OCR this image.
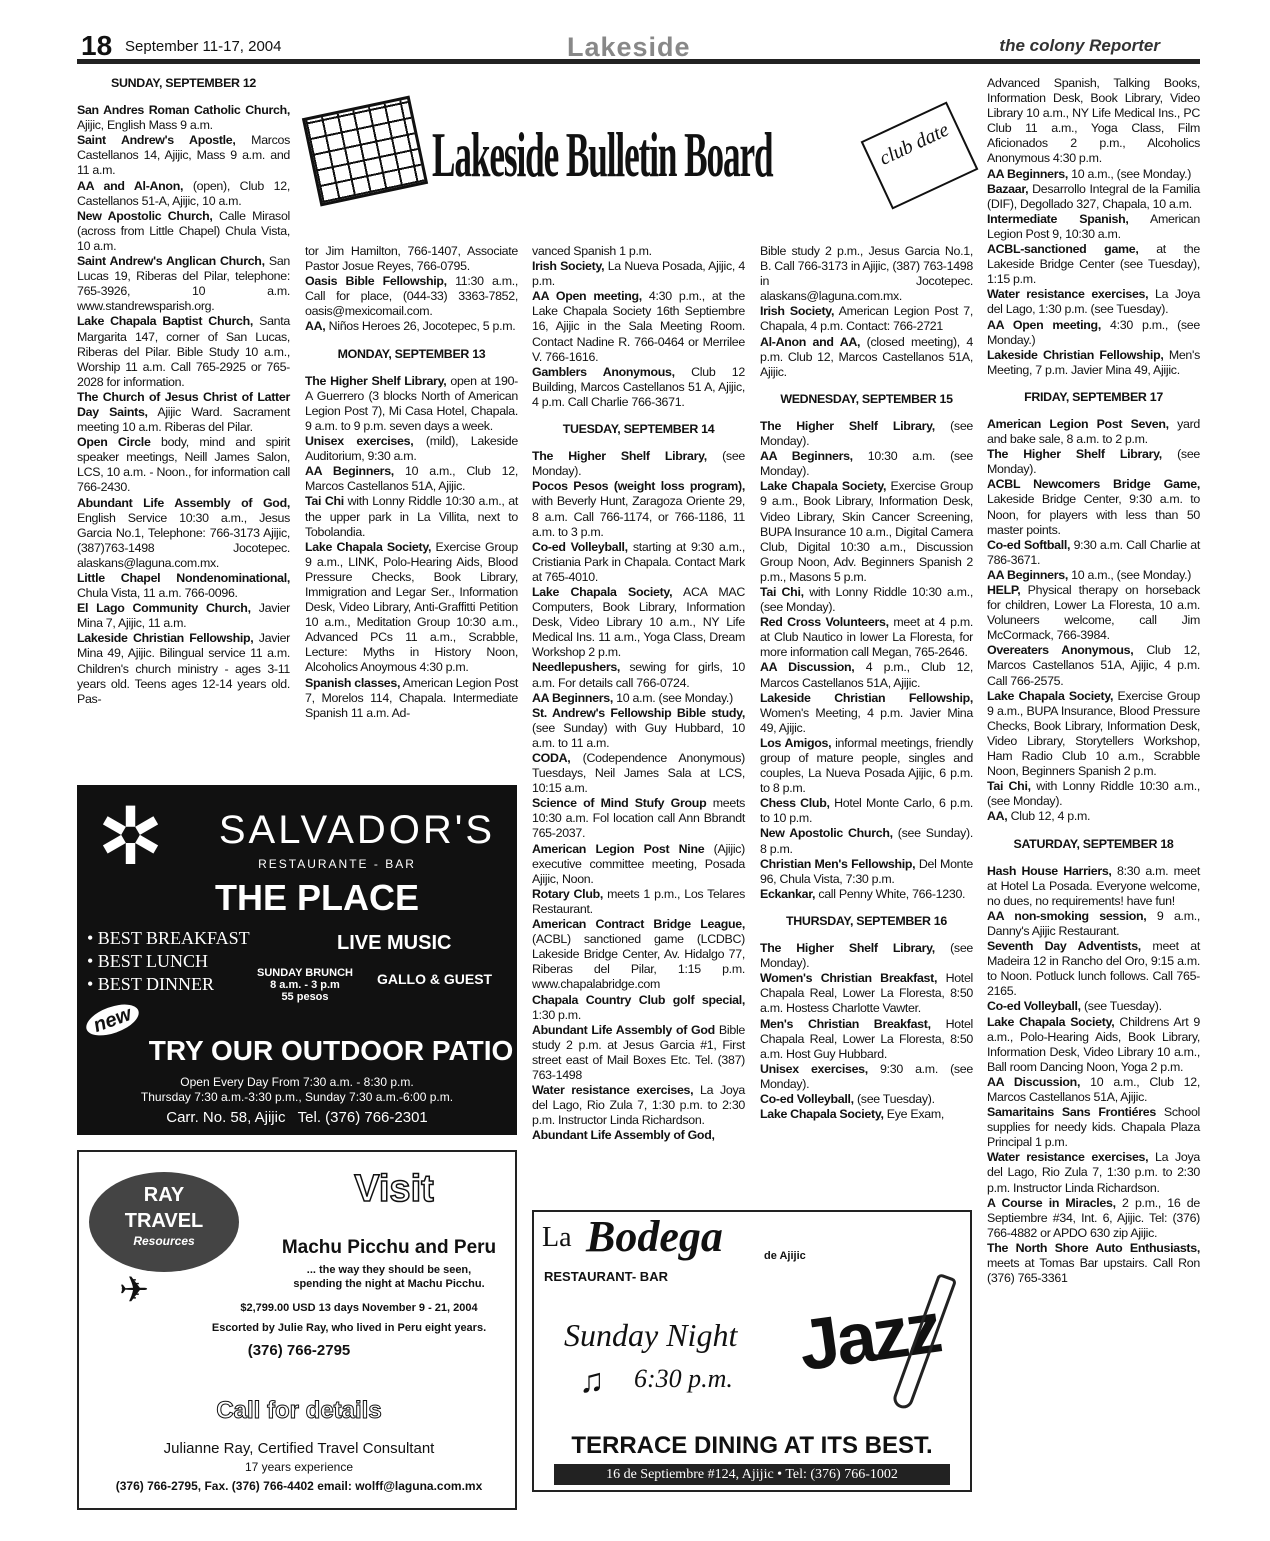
18 September 11-17, 2004	Lakeside	the colony Reporter
Lakeside Bulletin Board	club date
SUNDAY, SEPTEMBER 12

San Andres Roman Catholic Church, Ajijic, English Mass 9 a.m.

Saint Andrew's Apostle, Marcos Castellanos 14, Ajijic, Mass 9 a.m. and 11 a.m.

AA and Al-Anon, (open), Club 12, Castellanos 51-A, Ajijic, 10 a.m.

New Apostolic Church, Calle Mirasol (across from Little Chapel) Chula Vista, 10 a.m.

Saint Andrew's Anglican Church, San Lucas 19, Riberas del Pilar, telephone: 765-3926, 10 a.m. www.standrewsparish.org.

Lake Chapala Baptist Church, Santa Margarita 147, corner of San Lucas, Riberas del Pilar. Bible Study 10 a.m., Worship 11 a.m. Call 765-2925 or 765-2028 for information.

The Church of Jesus Christ of Latter Day Saints, Ajijic Ward. Sacrament meeting 10 a.m. Riberas del Pilar.

Open Circle body, mind and spirit speaker meetings, Neill James Salon, LCS, 10 a.m. - Noon., for information call 766-2430.

Abundant Life Assembly of God, English Service 10:30 a.m., Jesus Garcia No.1, Telephone: 766-3173 Ajijic, (387)763-1498 Jocotepec. alaskans@laguna.com.mx.

Little Chapel Nondenominational, Chula Vista, 11 a.m. 766-0096.

El Lago Community Church, Javier Mina 7, Ajijic, 11 a.m.

Lakeside Christian Fellowship, Javier Mina 49, Ajijic. Bilingual service 11 a.m. Children's church ministry - ages 3-11 years old. Teens ages 12-14 years old. Pas-

tor Jim Hamilton, 766-1407, Associate Pastor Josue Reyes, 766-0795.

Oasis Bible Fellowship, 11:30 a.m., Call for place, (044-33) 3363-7852, oasis@mexicomail.com.

AA, Niños Heroes 26, Jocotepec, 5 p.m.

MONDAY, SEPTEMBER 13

The Higher Shelf Library, open at 190-A Guerrero (3 blocks North of American Legion Post 7), Mi Casa Hotel, Chapala. 9 a.m. to 9 p.m. seven days a week.

Unisex exercises, (mild), Lakeside Auditorium, 9:30 a.m.

AA Beginners, 10 a.m., Club 12, Marcos Castellanos 51A, Ajijic.

Tai Chi with Lonny Riddle 10:30 a.m., at the upper park in La Villita, next to Tobolandia.

Lake Chapala Society, Exercise Group 9 a.m., LINK, Polo-Hearing Aids, Blood Pressure Checks, Book Library, Immigration and Legar Ser., Information Desk, Video Library, Anti-Graffitti Petition 10 a.m., Meditation Group 10:30 a.m., Advanced PCs 11 a.m., Scrabble, Lecture: Myths in History Noon, Alcoholics Anoymous 4:30 p.m.

Spanish classes, American Legion Post 7, Morelos 114, Chapala. Intermediate Spanish 11 a.m. Ad-

vanced Spanish 1 p.m.

Irish Society, La Nueva Posada, Ajijic, 4 p.m.

AA Open meeting, 4:30 p.m., at the Lake Chapala Society 16th Septiembre 16, Ajijic in the Sala Meeting Room. Contact Nadine R. 766-0464 or Merrilee V. 766-1616.

Gamblers Anonymous, Club 12 Building, Marcos Castellanos 51 A, Ajijic, 4 p.m. Call Charlie 766-3671.

TUESDAY, SEPTEMBER 14

The Higher Shelf Library, (see Monday).

Pocos Pesos (weight loss program), with Beverly Hunt, Zaragoza Oriente 29, 8 a.m. Call 766-1174, or 766-1186, 11 a.m. to 3 p.m.

Co-ed Volleyball, starting at 9:30 a.m., Cristiania Park in Chapala. Contact Mark at 765-4010.

Lake Chapala Society, ACA MAC Computers, Book Library, Information Desk, Video Library 10 a.m., NY Life Medical Ins. 11 a.m., Yoga Class, Dream Workshop 2 p.m.

Needlepushers, sewing for girls, 10 a.m. For details call 766-0724.

AA Beginners, 10 a.m. (see Monday.)

St. Andrew's Fellowship Bible study, (see Sunday) with Guy Hubbard, 10 a.m. to 11 a.m.

CODA, (Codependence Anonymous) Tuesdays, Neil James Sala at LCS, 10:15 a.m.

Science of Mind Stufy Group meets 10:30 a.m. Fol location call Ann Bbrandt 765-2037.

American Legion Post Nine (Ajijic) executive committee meeting, Posada Ajijic, Noon.

Rotary Club, meets 1 p.m., Los Telares Restaurant.

American Contract Bridge League, (ACBL) sanctioned game (LCDBC) Lakeside Bridge Center, Av. Hidalgo 77, Riberas del Pilar, 1:15 p.m. www.chapalabridge.com

Chapala Country Club golf special, 1:30 p.m.

Abundant Life Assembly of God Bible study 2 p.m. at Jesus Garcia #1, First street east of Mail Boxes Etc. Tel. (387) 763-1498

Water resistance exercises, La Joya del Lago, Rio Zula 7, 1:30 p.m. to 2:30 p.m. Instructor Linda Richardson.

Abundant Life Assembly of God,

Bible study 2 p.m., Jesus Garcia No.1, B. Call 766-3173 in Ajijic, (387) 763-1498 in Jocotepec. alaskans@laguna.com.mx.

Irish Society, American Legion Post 7, Chapala, 4 p.m. Contact: 766-2721

Al-Anon and AA, (closed meeting), 4 p.m. Club 12, Marcos Castellanos 51A, Ajijic.

WEDNESDAY, SEPTEMBER 15

The Higher Shelf Library, (see Monday).

AA Beginners, 10:30 a.m. (see Monday).

Lake Chapala Society, Exercise Group 9 a.m., Book Library, Information Desk, Video Library, Skin Cancer Screening, BUPA Insurance 10 a.m., Digital Camera Club, Digital 10:30 a.m., Discussion Group Noon, Adv. Beginners Spanish 2 p.m., Masons 5 p.m.

Tai Chi, with Lonny Riddle 10:30 a.m., (see Monday).

Red Cross Volunteers, meet at 4 p.m. at Club Nautico in lower La Floresta, for more information call Megan, 765-2646.

AA Discussion, 4 p.m., Club 12, Marcos Castellanos 51A, Ajijic.

Lakeside Christian Fellowship, Women's Meeting, 4 p.m. Javier Mina 49, Ajijic.

Los Amigos, informal meetings, friendly group of mature people, singles and couples, La Nueva Posada Ajijic, 6 p.m. to 8 p.m.

Chess Club, Hotel Monte Carlo, 6 p.m. to 10 p.m.

New Apostolic Church, (see Sunday). 8 p.m.

Christian Men's Fellowship, Del Monte 96, Chula Vista, 7:30 p.m.

Eckankar, call Penny White, 766-1230.

THURSDAY, SEPTEMBER 16

The Higher Shelf Library, (see Monday).

Women's Christian Breakfast, Hotel Chapala Real, Lower La Floresta, 8:50 a.m. Hostess Charlotte Vawter.

Men's Christian Breakfast, Hotel Chapala Real, Lower La Floresta, 8:50 a.m. Host Guy Hubbard.

Unisex exercises, 9:30 a.m. (see Monday).

Co-ed Volleyball, (see Tuesday).

Lake Chapala Society, Eye Exam,

Advanced Spanish, Talking Books, Information Desk, Book Library, Video Library 10 a.m., NY Life Medical Ins., PC Club 11 a.m., Yoga Class, Film Aficionados 2 p.m., Alcoholics Anonymous 4:30 p.m.

AA Beginners, 10 a.m., (see Monday.)

Bazaar, Desarrollo Integral de la Familia (DIF), Degollado 327, Chapala, 10 a.m.

Intermediate Spanish, American Legion Post 9, 10:30 a.m.

ACBL-sanctioned game, at the Lakeside Bridge Center (see Tuesday), 1:15 p.m.

Water resistance exercises, La Joya del Lago, 1:30 p.m. (see Tuesday).

AA Open meeting, 4:30 p.m., (see Monday.)

Lakeside Christian Fellowship, Men's Meeting, 7 p.m. Javier Mina 49, Ajijic.

FRIDAY, SEPTEMBER 17

American Legion Post Seven, yard and bake sale, 8 a.m. to 2 p.m.

The Higher Shelf Library, (see Monday).

ACBL Newcomers Bridge Game, Lakeside Bridge Center, 9:30 a.m. to Noon, for players with less than 50 master points.

Co-ed Softball, 9:30 a.m. Call Charlie at 786-3671.

AA Beginners, 10 a.m., (see Monday.)

HELP, Physical therapy on horseback for children, Lower La Floresta, 10 a.m. Voluneers welcome, call Jim McCormack, 766-3984.

Overeaters Anonymous, Club 12, Marcos Castellanos 51A, Ajijic, 4 p.m. Call 766-2575.

Lake Chapala Society, Exercise Group 9 a.m., BUPA Insurance, Blood Pressure Checks, Book Library, Information Desk, Video Library, Storytellers Workshop, Ham Radio Club 10 a.m., Scrabble Noon, Beginners Spanish 2 p.m.

Tai Chi, with Lonny Riddle 10:30 a.m., (see Monday).

AA, Club 12, 4 p.m.

SATURDAY, SEPTEMBER 18

Hash House Harriers, 8:30 a.m. meet at Hotel La Posada. Everyone welcome, no dues, no requirements! have fun!

AA non-smoking session, 9 a.m., Danny's Ajijic Restaurant.

Seventh Day Adventists, meet at Madeira 12 in Rancho del Oro, 9:15 a.m. to Noon. Potluck lunch follows. Call 765-2165.

Co-ed Volleyball, (see Tuesday).

Lake Chapala Society, Childrens Art 9 a.m., Polo-Hearing Aids, Book Library, Information Desk, Video Library 10 a.m., Ball room Dancing Noon, Yoga 2 p.m.

AA Discussion, 10 a.m., Club 12, Marcos Castellanos 51A, Ajijic.

Samaritains Sans Frontiéres School supplies for needy kids. Chapala Plaza Principal 1 p.m.

Water resistance exercises, La Joya del Lago, Rio Zula 7, 1:30 p.m. to 2:30 p.m. Instructor Linda Richardson.

A Course in Miracles, 2 p.m., 16 de Septiembre #34, Int. 6, Ajijic. Tel: (376) 766-4882 or APDO 630 zip Ajijic.

The North Shore Auto Enthusiasts, meets at Tomas Bar upstairs. Call Ron (376) 765-3361

✲	SALVADOR'S
RESTAURANTE - BAR
THE PLACE
• BEST BREAKFAST
• BEST LUNCH
• BEST DINNER
LIVE MUSIC
SUNDAY BRUNCH
8 a.m. - 3 p.m
55 pesos
GALLO & GUEST
new
TRY OUR OUTDOOR PATIO
Open Every Day From 7:30 a.m. - 8:30 p.m.
Thursday 7:30 a.m.-3:30 p.m., Sunday 7:30 a.m.-6:00 p.m.
Carr. No. 58, Ajijic   Tel. (376) 766-2301
RAY
TRAVEL
Resources
✈
Visit
Machu Picchu and Peru
... the way they should be seen,
spending the night at Machu Picchu.
$2,799.00 USD 13 days November 9 - 21, 2004
Escorted by Julie Ray, who lived in Peru eight years.
(376) 766-2795
Call for details
Julianne Ray, Certified Travel Consultant
17 years experience
(376) 766-2795, Fax. (376) 766-4402 email: wolff@laguna.com.mx
La Bodega	de Ajijic
RESTAURANT- BAR
Sunday Night
♫ 6:30 p.m. Jazz
TERRACE DINING AT ITS BEST.
16 de Septiembre #124, Ajijic • Tel: (376) 766-1002
